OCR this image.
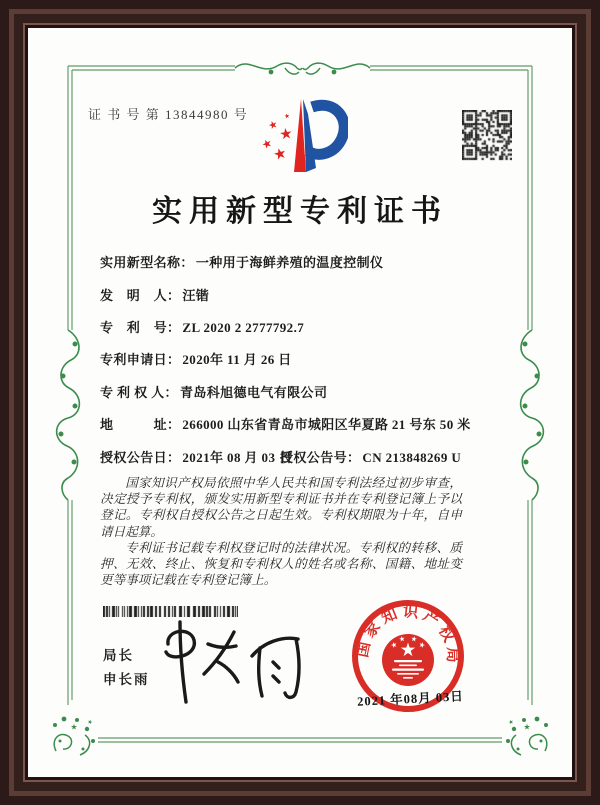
证 书 号 第 13844980 号
实用新型专利证书
实用新型名称： 一种用于海鲜养殖的温度控制仪
发　明　人： 汪锴
专　利　号： ZL 2020 2 2777792.7
专利申请日： 2020年 11 月 26 日
专 利 权 人： 青岛科旭德电气有限公司
地　　　址： 266000 山东省青岛市城阳区华夏路 21 号东 50 米
授权公告日： 2021年 08 月 03 日
授权公告号： CN 213848269 U

国家知识产权局依照中华人民共和国专利法经过初步审查，决定授予专利权，颁发实用新型专利证书并在专利登记簿上予以登记。专利权自授权公告之日起生效。专利权期限为十年，自申请日起算。

专利证书记载专利权登记时的法律状况。专利权的转移、质押、无效、终止、恢复和专利权人的姓名或名称、国籍、地址变更等事项记载在专利登记簿上。

局长
申长雨
国家知识产权局
2021 年08月 03日
